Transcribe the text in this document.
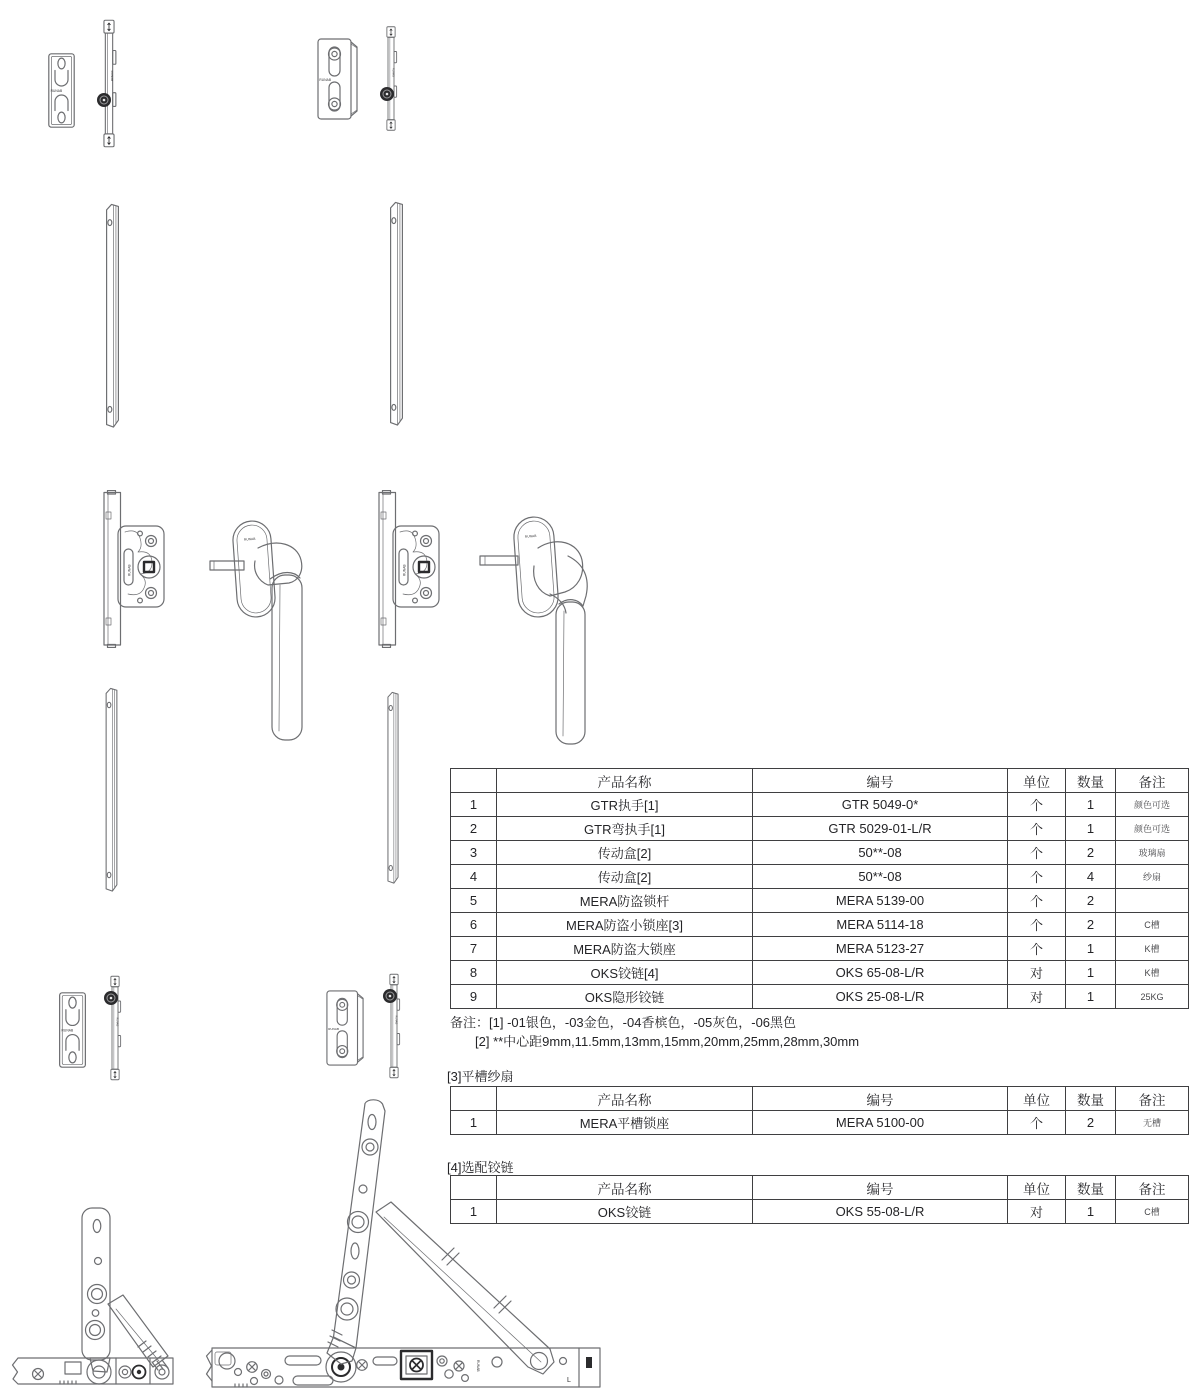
RUNAB
RUNAB
L
RUNAB
	产品名称	编号	单位	数量	备注
1	GTR执手[1]	GTR 5049-0*	个	1	颜色可选
2	GTR弯执手[1]	GTR 5029-01-L/R	个	1	颜色可选
3	传动盒[2]	50**-08	个	2	玻璃扇
4	传动盒[2]	50**-08	个	4	纱扇
5	MERA防盗锁杆	MERA 5139-00	个	2	
6	MERA防盗小锁座[3]	MERA 5114-18	个	2	C槽
7	MERA防盗大锁座	MERA 5123-27	个	1	K槽
8	OKS铰链[4]	OKS 65-08-L/R	对	1	K槽
9	OKS隐形铰链	OKS 25-08-L/R	对	1	25KG
备注：[1] -01银色，-03金色，-04香槟色，-05灰色，-06黑色
[2] **中心距9mm,11.5mm,13mm,15mm,20mm,25mm,28mm,30mm
[3]平槽纱扇
	产品名称	编号	单位	数量	备注
1	MERA平槽锁座	MERA 5100-00	个	2	无槽
[4]选配铰链
	产品名称	编号	单位	数量	备注
1	OKS铰链	OKS 55-08-L/R	对	1	C槽
